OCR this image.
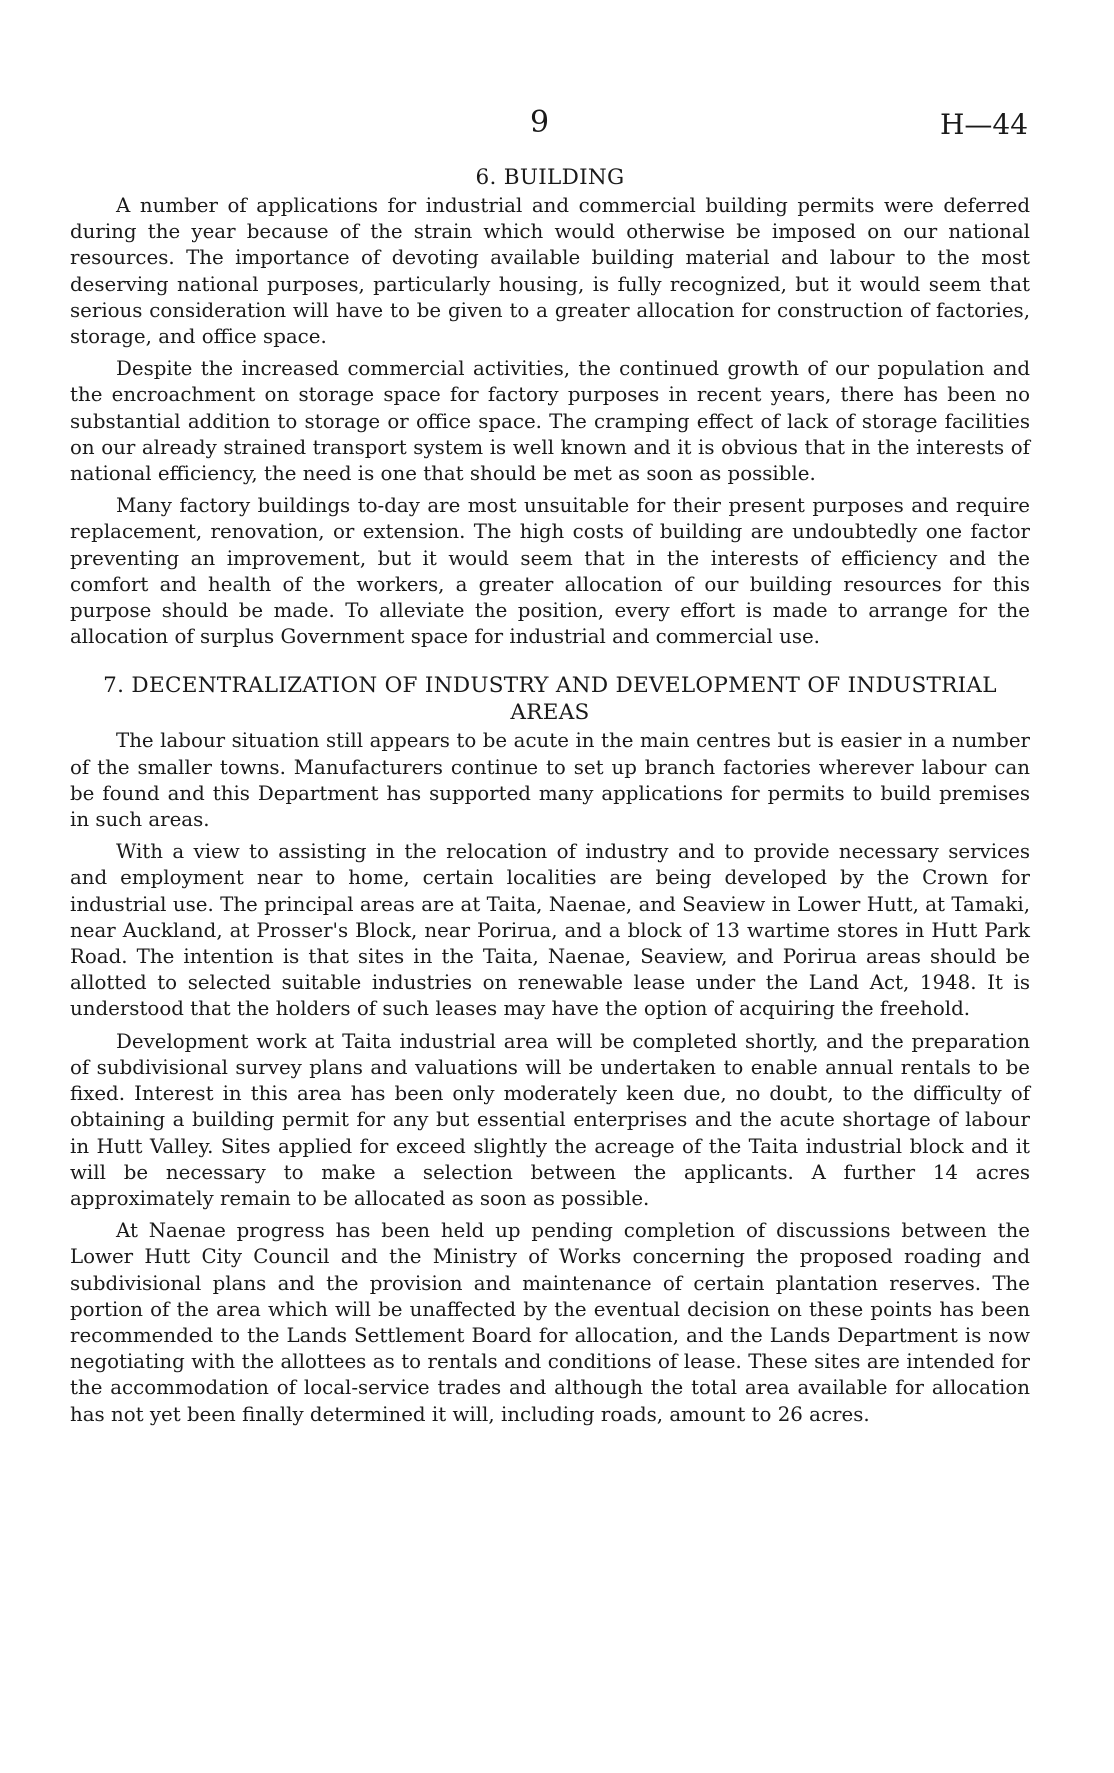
9	H—44
6. BUILDING

A number of applications for industrial and commercial building permits were deferred during the year because of the strain which would otherwise be imposed on our national resources. The importance of devoting available building material and labour to the most deserving national purposes, particularly housing, is fully recognized, but it would seem that serious consideration will have to be given to a greater allocation for construction of factories, storage, and office space.

Despite the increased commercial activities, the continued growth of our population and the encroachment on storage space for factory purposes in recent years, there has been no substantial addition to storage or office space. The cramping effect of lack of storage facilities on our already strained transport system is well known and it is obvious that in the interests of national efficiency, the need is one that should be met as soon as possible.

Many factory buildings to-day are most unsuitable for their present purposes and require replacement, renovation, or extension. The high costs of building are undoubtedly one factor preventing an improvement, but it would seem that in the interests of efficiency and the comfort and health of the workers, a greater allocation of our building resources for this purpose should be made. To alleviate the position, every effort is made to arrange for the allocation of surplus Government space for industrial and commercial use.

7. DECENTRALIZATION OF INDUSTRY AND DEVELOPMENT OF INDUSTRIAL
AREAS

The labour situation still appears to be acute in the main centres but is easier in a number of the smaller towns. Manufacturers continue to set up branch factories wherever labour can be found and this Department has supported many applications for permits to build premises in such areas.

With a view to assisting in the relocation of industry and to provide necessary services and employment near to home, certain localities are being developed by the Crown for industrial use. The principal areas are at Taita, Naenae, and Seaview in Lower Hutt, at Tamaki, near Auckland, at Prosser's Block, near Porirua, and a block of 13 wartime stores in Hutt Park Road. The intention is that sites in the Taita, Naenae, Seaview, and Porirua areas should be allotted to selected suitable industries on renewable lease under the Land Act, 1948. It is understood that the holders of such leases may have the option of acquiring the freehold.

Development work at Taita industrial area will be completed shortly, and the preparation of subdivisional survey plans and valuations will be undertaken to enable annual rentals to be fixed. Interest in this area has been only moderately keen due, no doubt, to the difficulty of obtaining a building permit for any but essential enterprises and the acute shortage of labour in Hutt Valley. Sites applied for exceed slightly the acreage of the Taita industrial block and it will be necessary to make a selection between the applicants. A further 14 acres approximately remain to be allocated as soon as possible.

At Naenae progress has been held up pending completion of discussions between the Lower Hutt City Council and the Ministry of Works concerning the proposed roading and subdivisional plans and the provision and maintenance of certain plantation reserves. The portion of the area which will be unaffected by the eventual decision on these points has been recommended to the Lands Settlement Board for allocation, and the Lands Department is now negotiating with the allottees as to rentals and conditions of lease. These sites are intended for the accommodation of local-service trades and although the total area available for allocation has not yet been finally determined it will, including roads, amount to 26 acres.
